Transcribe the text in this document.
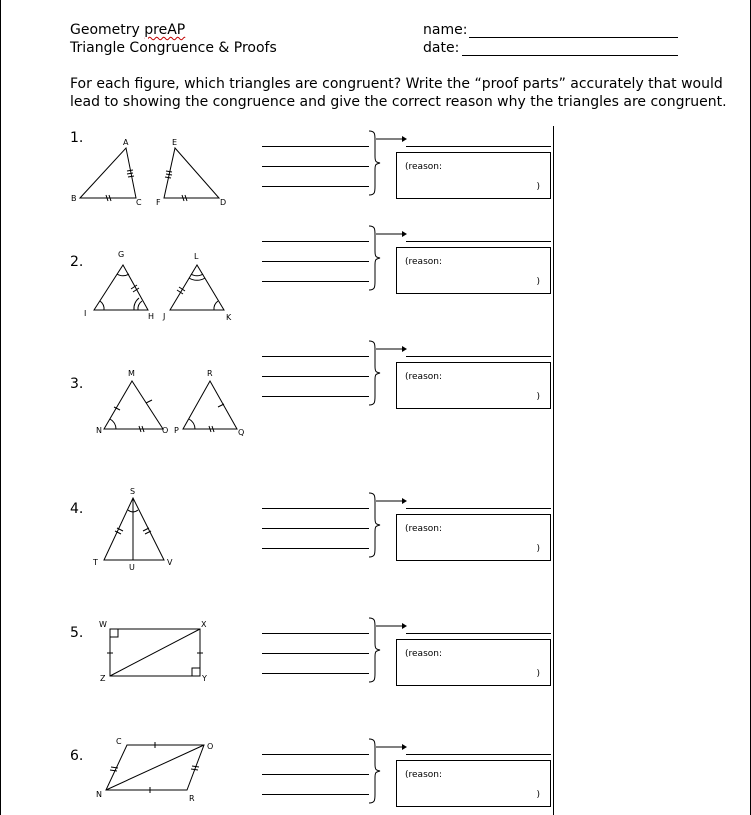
Geometry preAP
Triangle Congruence & Proofs
name:
date:
For each figure, which triangles are congruent? Write the “proof parts” accurately that would
lead to showing the congruence and give the correct reason why the triangles are congruent.
1.	A	E
B	C F	D
(reason:
)
2.	G	L
I	H J	K
(reason:
)
3.
M	R
N	O P	Q
(reason:
)
4.
S
T
U
V
(reason:
)
5.
W	X
Z	Y
(reason:
)
6.
C
O
N	R
(reason:
)
